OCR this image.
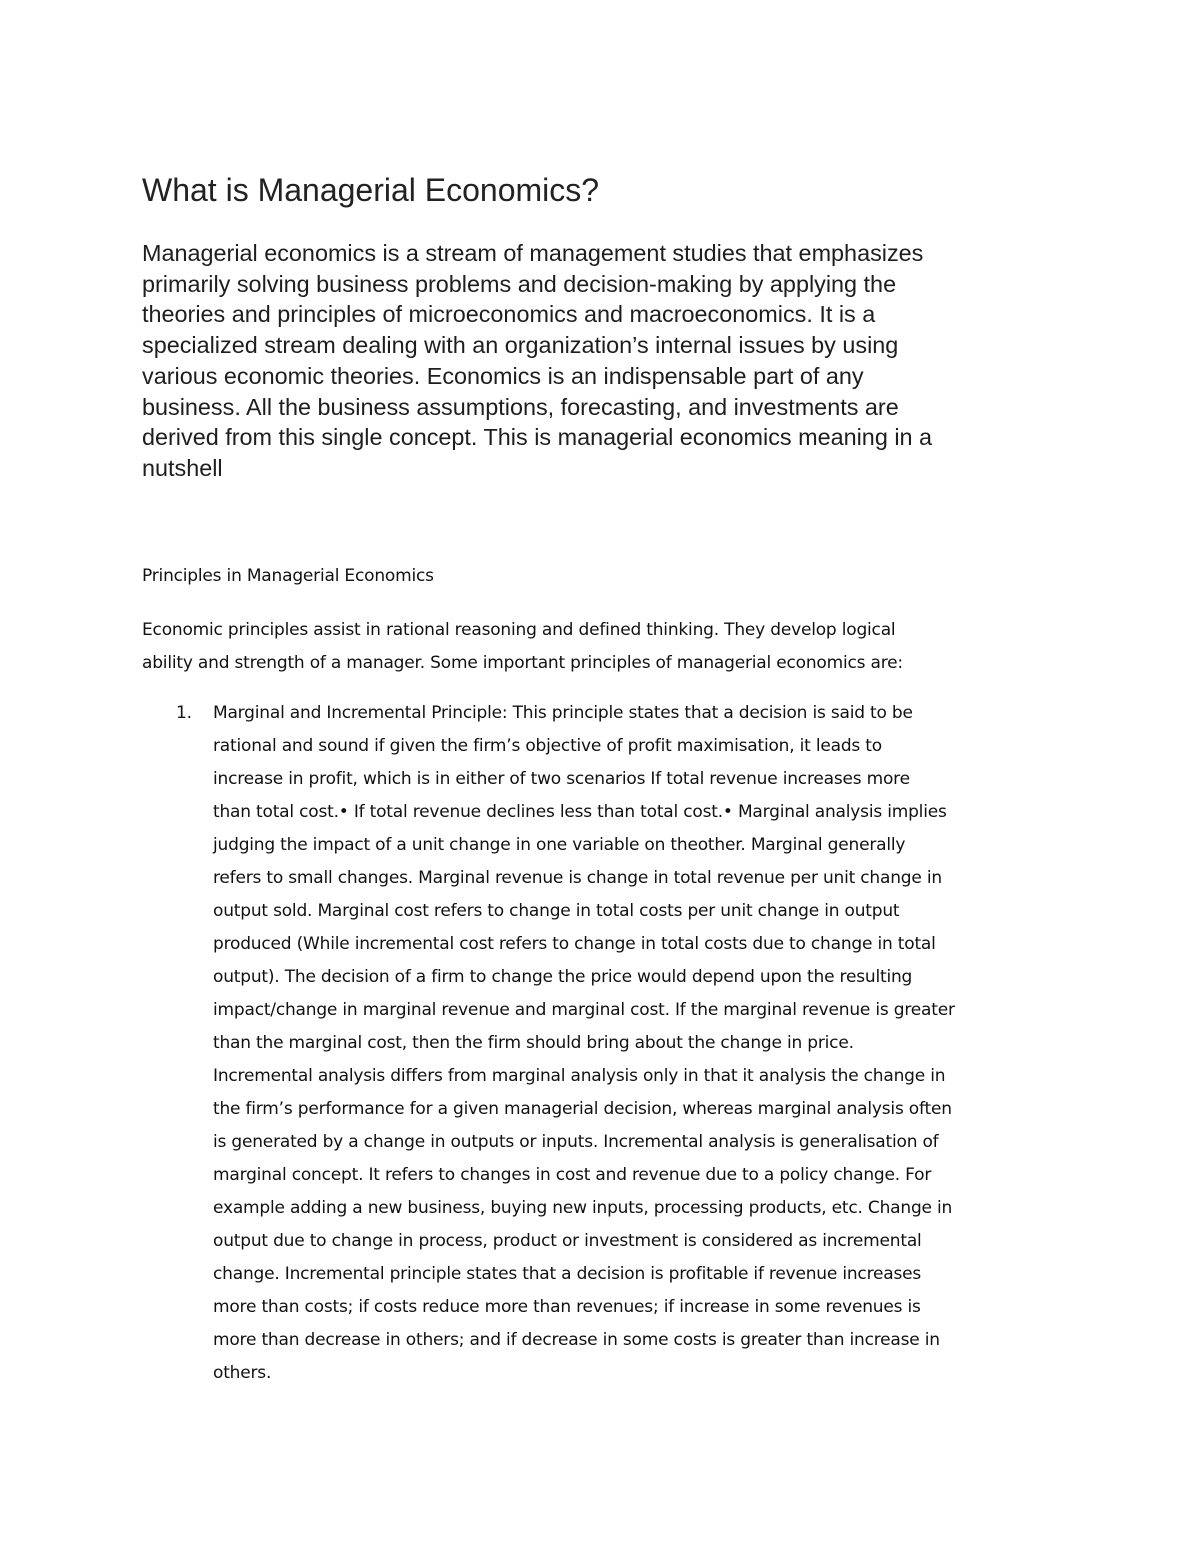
What is Managerial Economics?
Managerial economics is a stream of management studies that emphasizes
primarily solving business problems and decision-making by applying the
theories and principles of microeconomics and macroeconomics. It is a
specialized stream dealing with an organization’s internal issues by using
various economic theories. Economics is an indispensable part of any
business. All the business assumptions, forecasting, and investments are
derived from this single concept. This is managerial economics meaning in a
nutshell
Principles in Managerial Economics
Economic principles assist in rational reasoning and defined thinking. They develop logical
ability and strength of a manager. Some important principles of managerial economics are:
1. Marginal and Incremental Principle: This principle states that a decision is said to be
rational and sound if given the firm’s objective of profit maximisation, it leads to
increase in profit, which is in either of two scenarios If total revenue increases more
than total cost.• If total revenue declines less than total cost.• Marginal analysis implies
judging the impact of a unit change in one variable on theother. Marginal generally
refers to small changes. Marginal revenue is change in total revenue per unit change in
output sold. Marginal cost refers to change in total costs per unit change in output
produced (While incremental cost refers to change in total costs due to change in total
output). The decision of a firm to change the price would depend upon the resulting
impact/change in marginal revenue and marginal cost. If the marginal revenue is greater
than the marginal cost, then the firm should bring about the change in price.
Incremental analysis differs from marginal analysis only in that it analysis the change in
the firm’s performance for a given managerial decision, whereas marginal analysis often
is generated by a change in outputs or inputs. Incremental analysis is generalisation of
marginal concept. It refers to changes in cost and revenue due to a policy change. For
example adding a new business, buying new inputs, processing products, etc. Change in
output due to change in process, product or investment is considered as incremental
change. Incremental principle states that a decision is profitable if revenue increases
more than costs; if costs reduce more than revenues; if increase in some revenues is
more than decrease in others; and if decrease in some costs is greater than increase in
others.
